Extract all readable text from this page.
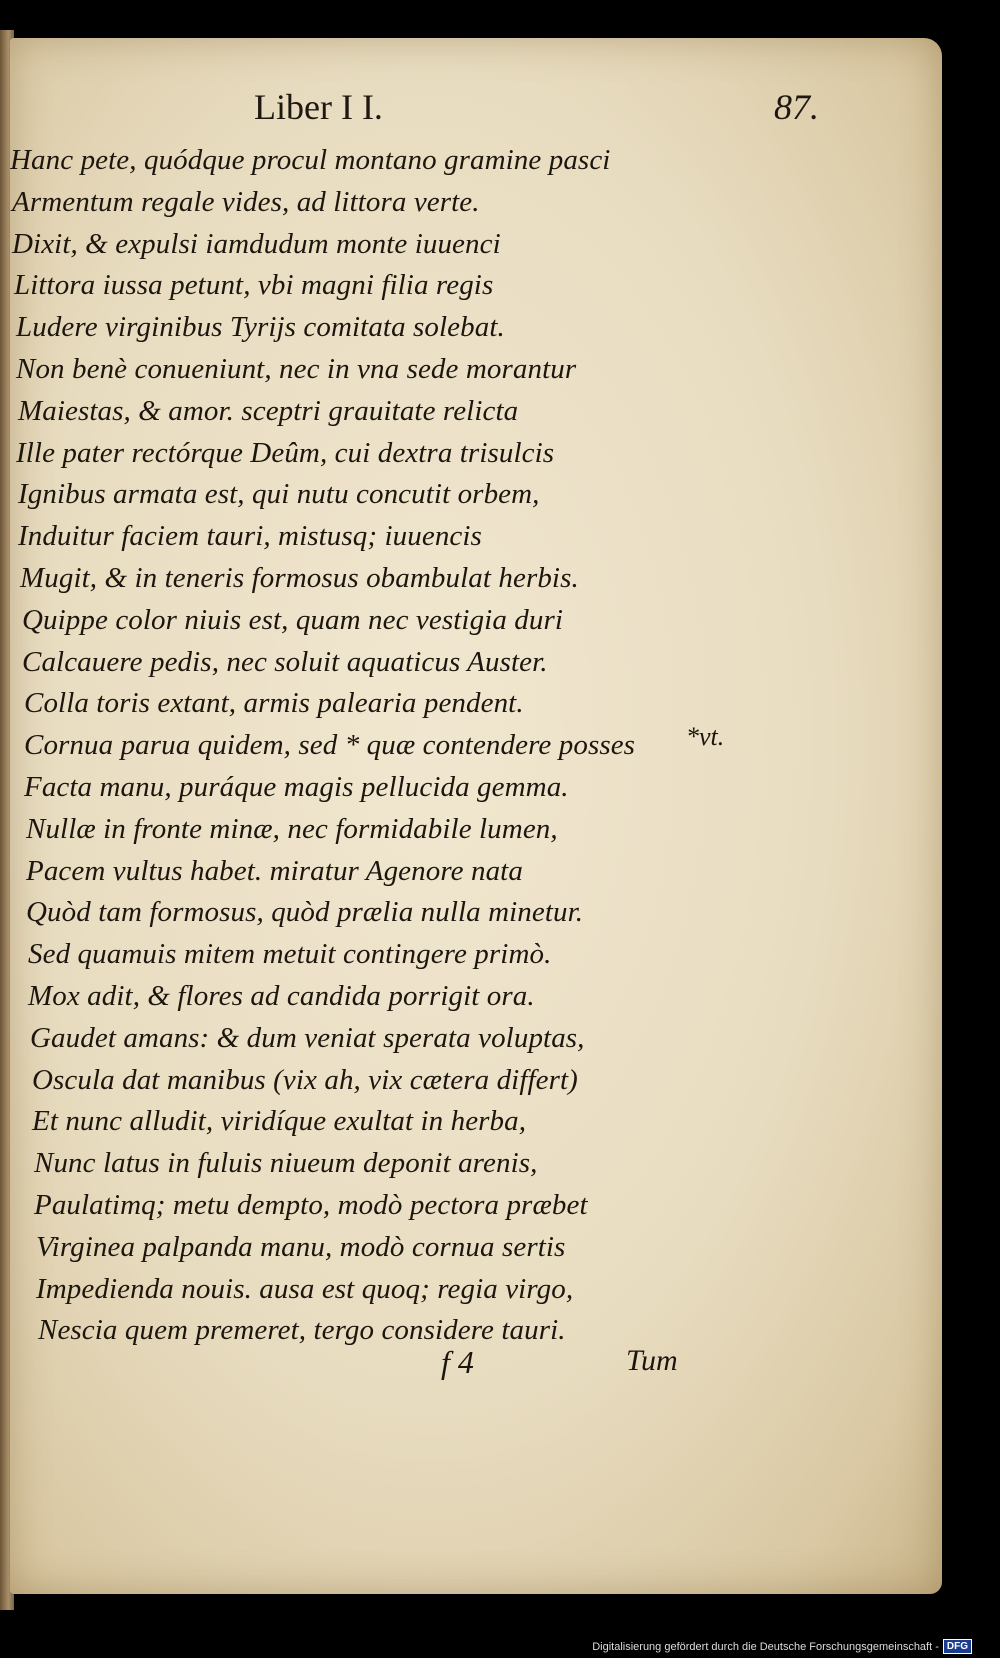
Liber I I.	87.
Hanc pete, quódque procul montano gramine pasci
Armentum regale vides, ad littora verte.
Dixit, & expulsi iamdudum monte iuuenci
Littora iussa petunt, vbi magni filia regis
Ludere virginibus Tyrijs comitata solebat.
Non benè conueniunt, nec in vna sede morantur
Maiestas, & amor. sceptri grauitate relicta
Ille pater rectórque Deûm, cui dextra trisulcis
Ignibus armata est, qui nutu concutit orbem,
Induitur faciem tauri, mistusq; iuuencis
Mugit, & in teneris formosus obambulat herbis.
Quippe color niuis est, quam nec vestigia duri
Calcauere pedis, nec soluit aquaticus Auster.
Colla toris extant, armis palearia pendent.
Cornua parua quidem, sed * quæ contendere posses
Facta manu, puráque magis pellucida gemma.
Nullæ in fronte minæ, nec formidabile lumen,
Pacem vultus habet. miratur Agenore nata
Quòd tam formosus, quòd prælia nulla minetur.
Sed quamuis mitem metuit contingere primò.
Mox adit, & flores ad candida porrigit ora.
Gaudet amans: & dum veniat sperata voluptas,
Oscula dat manibus (vix ah, vix cætera differt)
Et nunc alludit, viridíque exultat in herba,
Nunc latus in fuluis niueum deponit arenis,
Paulatimq; metu dempto, modò pectora præbet
Virginea palpanda manu, modò cornua sertis
Impedienda nouis. ausa est quoq; regia virgo,
Nescia quem premeret, tergo considere tauri.
*vt.
f 4	Tum
Digitalisierung gefördert durch die Deutsche Forschungsgemeinschaft - DFG
